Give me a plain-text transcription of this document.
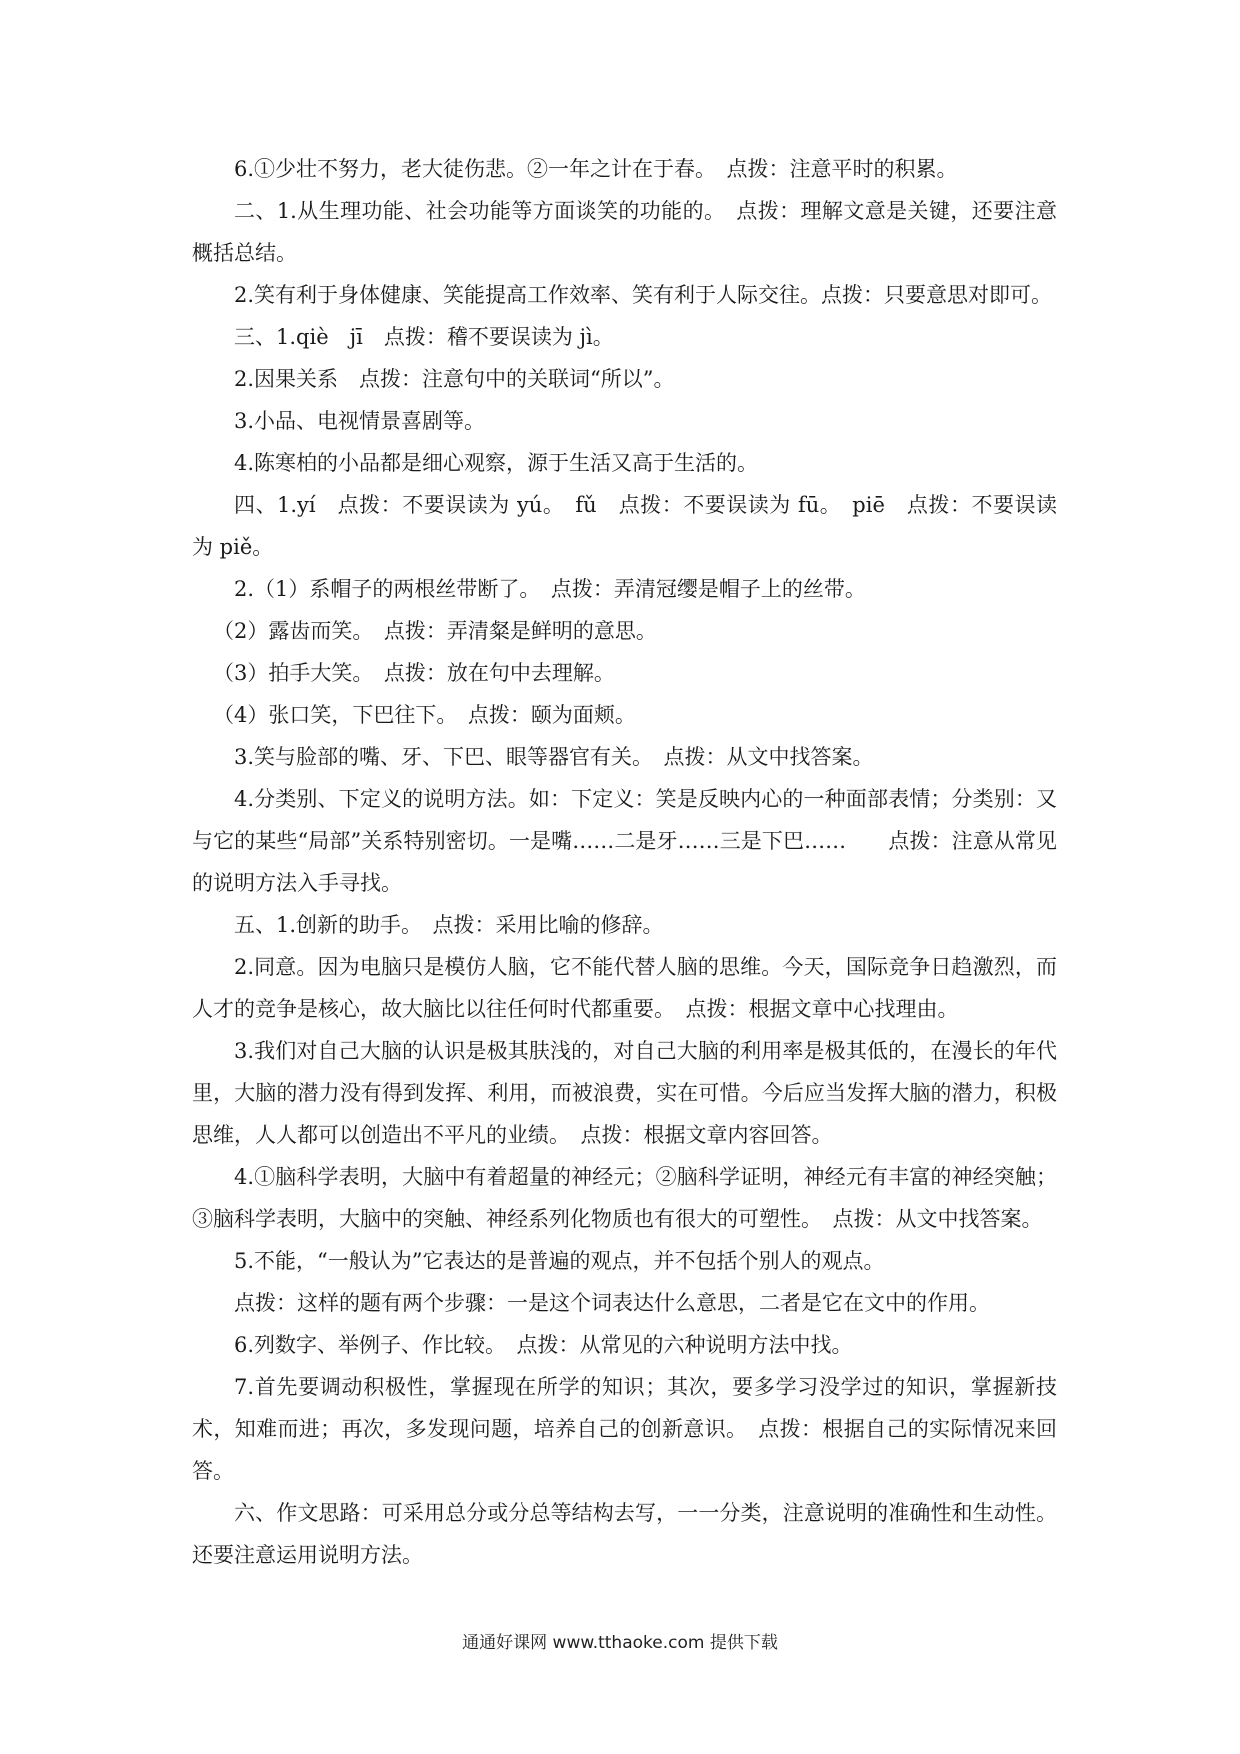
6.①少壮不努力，老大徒伤悲。②一年之计在于春。　点拨：注意平时的积累。

二、1.从生理功能、社会功能等方面谈笑的功能的。　点拨：理解文意是关键，还要注意概括总结。

2.笑有利于身体健康、笑能提高工作效率、笑有利于人际交往。点拨：只要意思对即可。

三、1.qiè　jī　点拨：稽不要误读为 jì。

2.因果关系　点拨：注意句中的关联词“所以”。

3.小品、电视情景喜剧等。

4.陈寒柏的小品都是细心观察，源于生活又高于生活的。

四、1.yí　点拨：不要误读为 yú。　fǔ　点拨：不要误读为 fū。　piē　点拨：不要误读为 piě。

2.（1）系帽子的两根丝带断了。　点拨：弄清冠缨是帽子上的丝带。

（2）露齿而笑。　点拨：弄清粲是鲜明的意思。

（3）拍手大笑。　点拨：放在句中去理解。

（4）张口笑，下巴往下。　点拨：颐为面颊。

3.笑与脸部的嘴、牙、下巴、眼等器官有关。　点拨：从文中找答案。

4.分类别、下定义的说明方法。如：下定义：笑是反映内心的一种面部表情；分类别：又与它的某些“局部”关系特别密切。一是嘴……二是牙……三是下巴……　　点拨：注意从常见的说明方法入手寻找。

五、1.创新的助手。　点拨：采用比喻的修辞。

2.同意。因为电脑只是模仿人脑，它不能代替人脑的思维。今天，国际竞争日趋激烈，而人才的竞争是核心，故大脑比以往任何时代都重要。　点拨：根据文章中心找理由。

3.我们对自己大脑的认识是极其肤浅的，对自己大脑的利用率是极其低的，在漫长的年代里，大脑的潜力没有得到发挥、利用，而被浪费，实在可惜。今后应当发挥大脑的潜力，积极思维，人人都可以创造出不平凡的业绩。　点拨：根据文章内容回答。

4.①脑科学表明，大脑中有着超量的神经元；②脑科学证明，神经元有丰富的神经突触；③脑科学表明，大脑中的突触、神经系列化物质也有很大的可塑性。　点拨：从文中找答案。

5.不能，“一般认为”它表达的是普遍的观点，并不包括个别人的观点。

点拨：这样的题有两个步骤：一是这个词表达什么意思，二者是它在文中的作用。

6.列数字、举例子、作比较。　点拨：从常见的六种说明方法中找。

7.首先要调动积极性，掌握现在所学的知识；其次，要多学习没学过的知识，掌握新技术，知难而进；再次，多发现问题，培养自己的创新意识。　点拨：根据自己的实际情况来回答。

六、作文思路：可采用总分或分总等结构去写，一一分类，注意说明的准确性和生动性。还要注意运用说明方法。

通通好课网 www.tthaoke.com 提供下载
